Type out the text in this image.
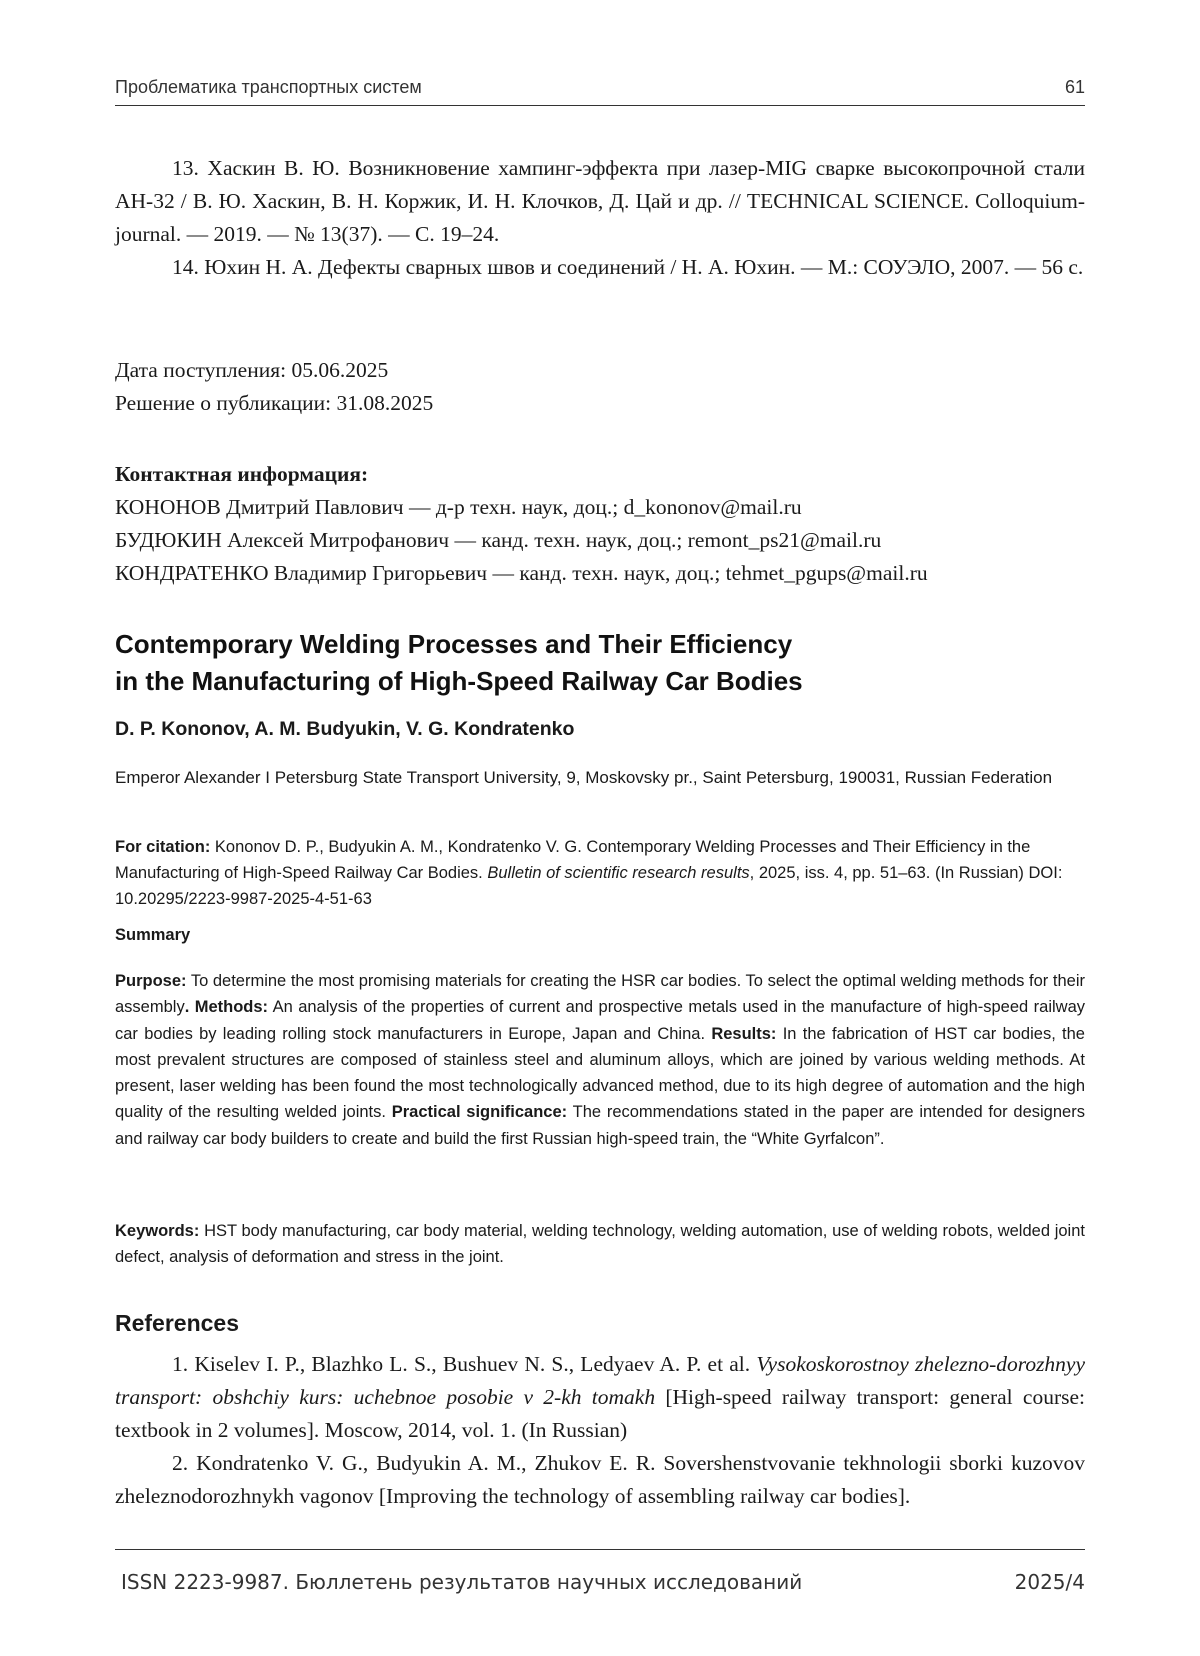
Проблематика транспортных систем	61

13. Хаскин В. Ю. Возникновение хампинг-эффекта при лазер-MIG сварке высокопрочной стали АН-32 / В. Ю. Хаскин, В. Н. Коржик, И. Н. Клочков, Д. Цай и др. // TECHNICAL SCIENCE. Colloquium-journal. — 2019. — № 13(37). — С. 19–24.

14. Юхин Н. А. Дефекты сварных швов и соединений / Н. А. Юхин. — М.: СОУЭЛО, 2007. — 56 с.

Дата поступления: 05.06.2025

Решение о публикации: 31.08.2025

Контактная информация:

КОНОНОВ Дмитрий Павлович — д-р техн. наук, доц.; d_kononov@mail.ru

БУДЮКИН Алексей Митрофанович — канд. техн. наук, доц.; remont_ps21@mail.ru

КОНДРАТЕНКО Владимир Григорьевич — канд. техн. наук, доц.; tehmet_pgups@mail.ru

Contemporary Welding Processes and Their Efficiency
in the Manufacturing of High-Speed Railway Car Bodies
D. P. Kononov, A. M. Budyukin, V. G. Kondratenko
Emperor Alexander I Petersburg State Transport University, 9, Moskovsky pr., Saint Petersburg, 190031, Russian Federation
For citation: Kononov D. P., Budyukin A. M., Kondratenko V. G. Contemporary Welding Processes and Their Efficiency in the Manufacturing of High-Speed Railway Car Bodies. Bulletin of scientific research results, 2025, iss. 4, pp. 51–63. (In Russian) DOI: 10.20295/2223-9987-2025-4-51-63
Summary
Purpose: To determine the most promising materials for creating the HSR car bodies. To select the optimal welding methods for their assembly. Methods: An analysis of the properties of current and prospective metals used in the manufacture of high-speed railway car bodies by leading rolling stock manufacturers in Europe, Japan and China. Results: In the fabrication of HST car bodies, the most prevalent structures are composed of stainless steel and aluminum alloys, which are joined by various welding methods. At present, laser welding has been found the most technologically advanced method, due to its high degree of automation and the high quality of the resulting welded joints. Practical significance: The recommendations stated in the paper are intended for designers and railway car body builders to create and build the first Russian high-speed train, the “White Gyrfalcon”.
Keywords: HST body manufacturing, car body material, welding technology, welding automation, use of welding robots, welded joint defect, analysis of deformation and stress in the joint.
References

1. Kiselev I. P., Blazhko L. S., Bushuev N. S., Ledyaev A. P. et al. Vysokoskorostnoy zhelezno-dorozhnyy transport: obshchiy kurs: uchebnoe posobie v 2-kh tomakh [High-speed railway transport: general course: textbook in 2 volumes]. Moscow, 2014, vol. 1. (In Russian)

2. Kondratenko V. G., Budyukin A. M., Zhukov E. R. Sovershenstvovanie tekhnologii sborki kuzovov zheleznodorozhnykh vagonov [Improving the technology of assembling railway car bodies].

ISSN 2223-9987. Бюллетень результатов научных исследований	2025/4
